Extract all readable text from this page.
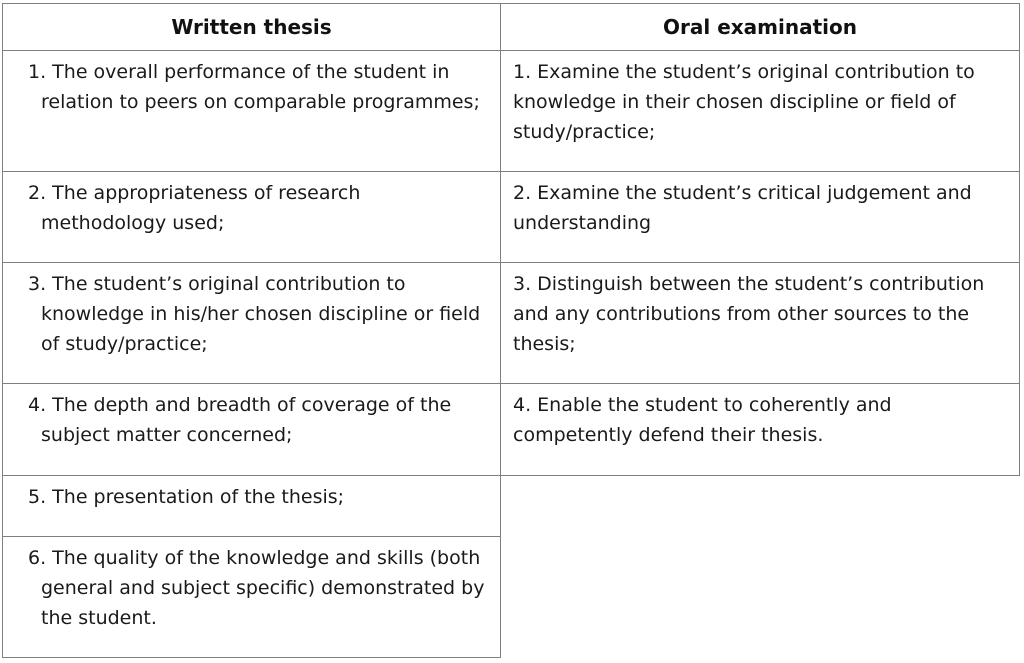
Written thesis	Oral examination
1. The overall performance of the student in relation to peers on comparable programmes;
1. Examine the student’s original contribution to knowledge in their chosen discipline or field of study/practice;
2. The appropriateness of research methodology used;
2. Examine the student’s critical judgement and understanding
3. The student’s original contribution to knowledge in his/her chosen discipline or field of study/practice;
3. Distinguish between the student’s contribution and any contributions from other sources to the thesis;
4. The depth and breadth of coverage of the subject matter concerned;
4. Enable the student to coherently and competently defend their thesis.
5. The presentation of the thesis;
6. The quality of the knowledge and skills (both general and subject specific) demonstrated by the student.
